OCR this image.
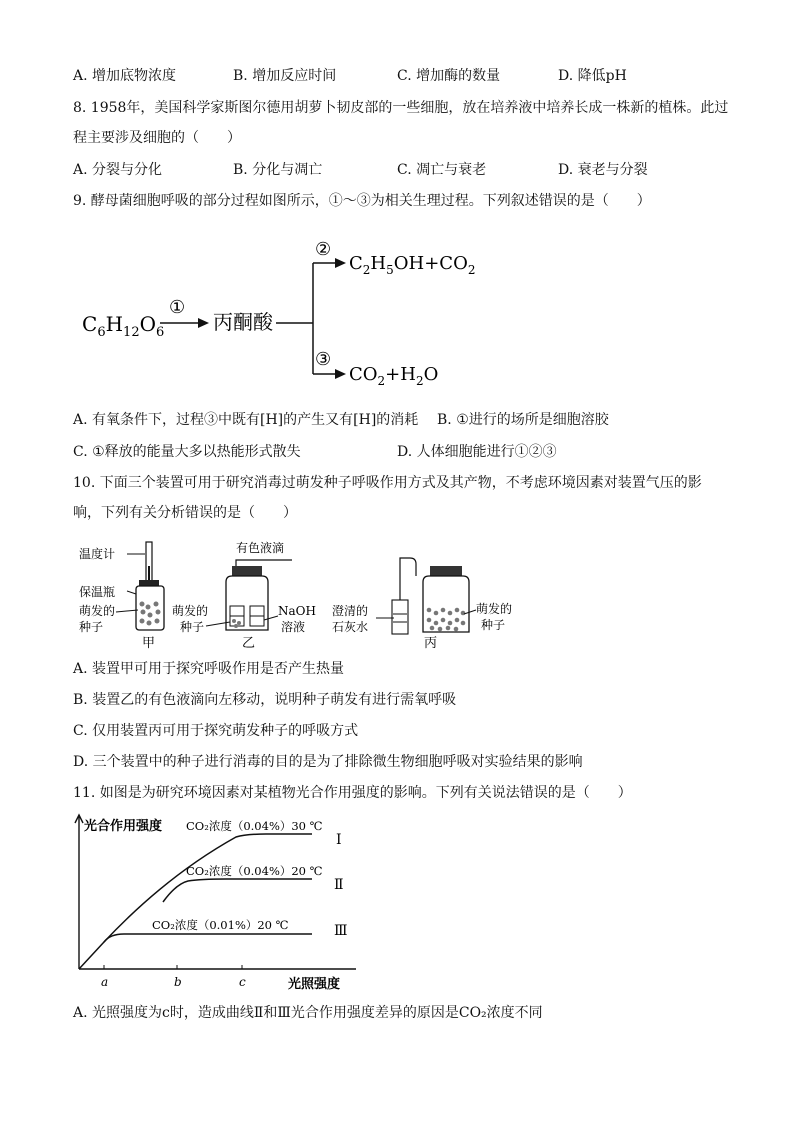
A. 增加底物浓度	B. 增加反应时间	C. 增加酶的数量	D. 降低pH
8. 1958年，美国科学家斯图尔德用胡萝卜韧皮部的一些细胞，放在培养液中培养长成一株新的植株。此过
程主要涉及细胞的（　　）
A. 分裂与分化	B. 分化与凋亡	C. 凋亡与衰老	D. 衰老与分裂
9. 酵母菌细胞呼吸的部分过程如图所示，①～③为相关生理过程。下列叙述错误的是（　　）
$C_6H_{12}O_6$
①
丙酮酸
②
③
$C_2H_5OH+CO_2$
$CO_2+H_2O$
A. 有氧条件下，过程③中既有[H]的产生又有[H]的消耗 B. ①进行的场所是细胞溶胶
C. ①释放的能量大多以热能形式散失	D. 人体细胞能进行①②③
10. 下面三个装置可用于研究消毒过萌发种子呼吸作用方式及其产物，不考虑环境因素对装置气压的影
响，下列有关分析错误的是（　　）
温度计
保温瓶
萌发的
种子
甲
有色液滴
萌发的
种子
NaOH
溶液
乙
澄清的
石灰水
萌发的
种子
丙
A. 装置甲可用于探究呼吸作用是否产生热量
B. 装置乙的有色液滴向左移动，说明种子萌发有进行需氧呼吸
C. 仅用装置丙可用于探究萌发种子的呼吸方式
D. 三个装置中的种子进行消毒的目的是为了排除微生物细胞呼吸对实验结果的影响
11. 如图是为研究环境因素对某植物光合作用强度的影响。下列有关说法错误的是（　　）
光合作用强度
光照强度
a	b	c
CO₂浓度（0.04%）30 ℃
Ⅰ
CO₂浓度（0.04%）20 ℃
Ⅱ
CO₂浓度（0.01%）20 ℃	Ⅲ
A. 光照强度为c时，造成曲线Ⅱ和Ⅲ光合作用强度差异的原因是CO₂浓度不同
